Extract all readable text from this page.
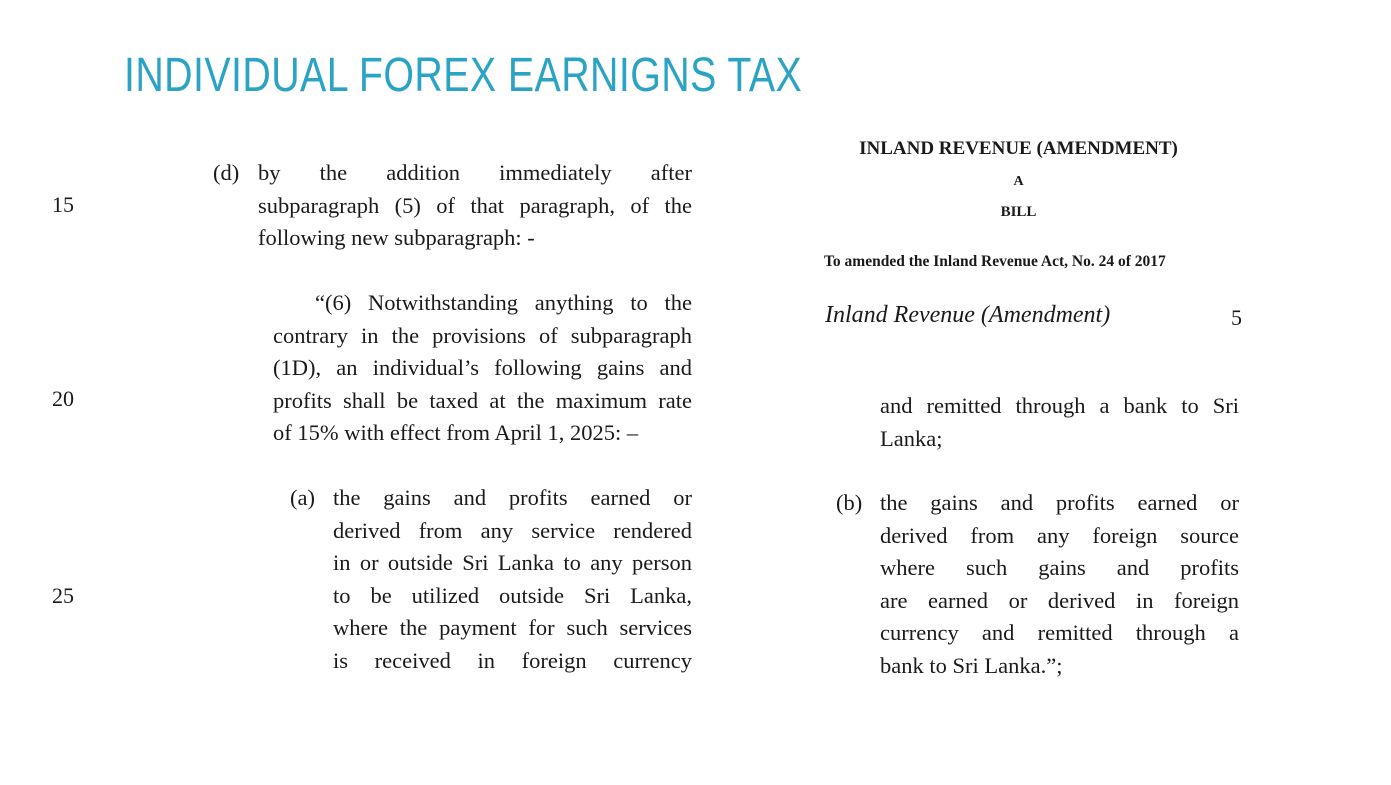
INDIVIDUAL FOREX EARNIGNS TAX
15
20
25
(d) by the addition immediately after
subparagraph (5) of that paragraph, of the
following new subparagraph: -
“(6) Notwithstanding anything to the
contrary in the provisions of subparagraph
(1D), an individual’s following gains and
profits shall be taxed at the maximum rate
of 15% with effect from April 1, 2025: –
(a) the gains and profits earned or
derived from any service rendered
in or outside Sri Lanka to any person
to be utilized outside Sri Lanka,
where the payment for such services
is received in foreign currency
INLAND REVENUE (AMENDMENT)
A
BILL

To amended the Inland Revenue Act, No. 24 of 2017

Inland Revenue (Amendment)	5

and remitted through a bank to Sri
Lanka;
(b) the gains and profits earned or
derived from any foreign source
where such gains and profits
are earned or derived in foreign
currency and remitted through a
bank to Sri Lanka.”;
